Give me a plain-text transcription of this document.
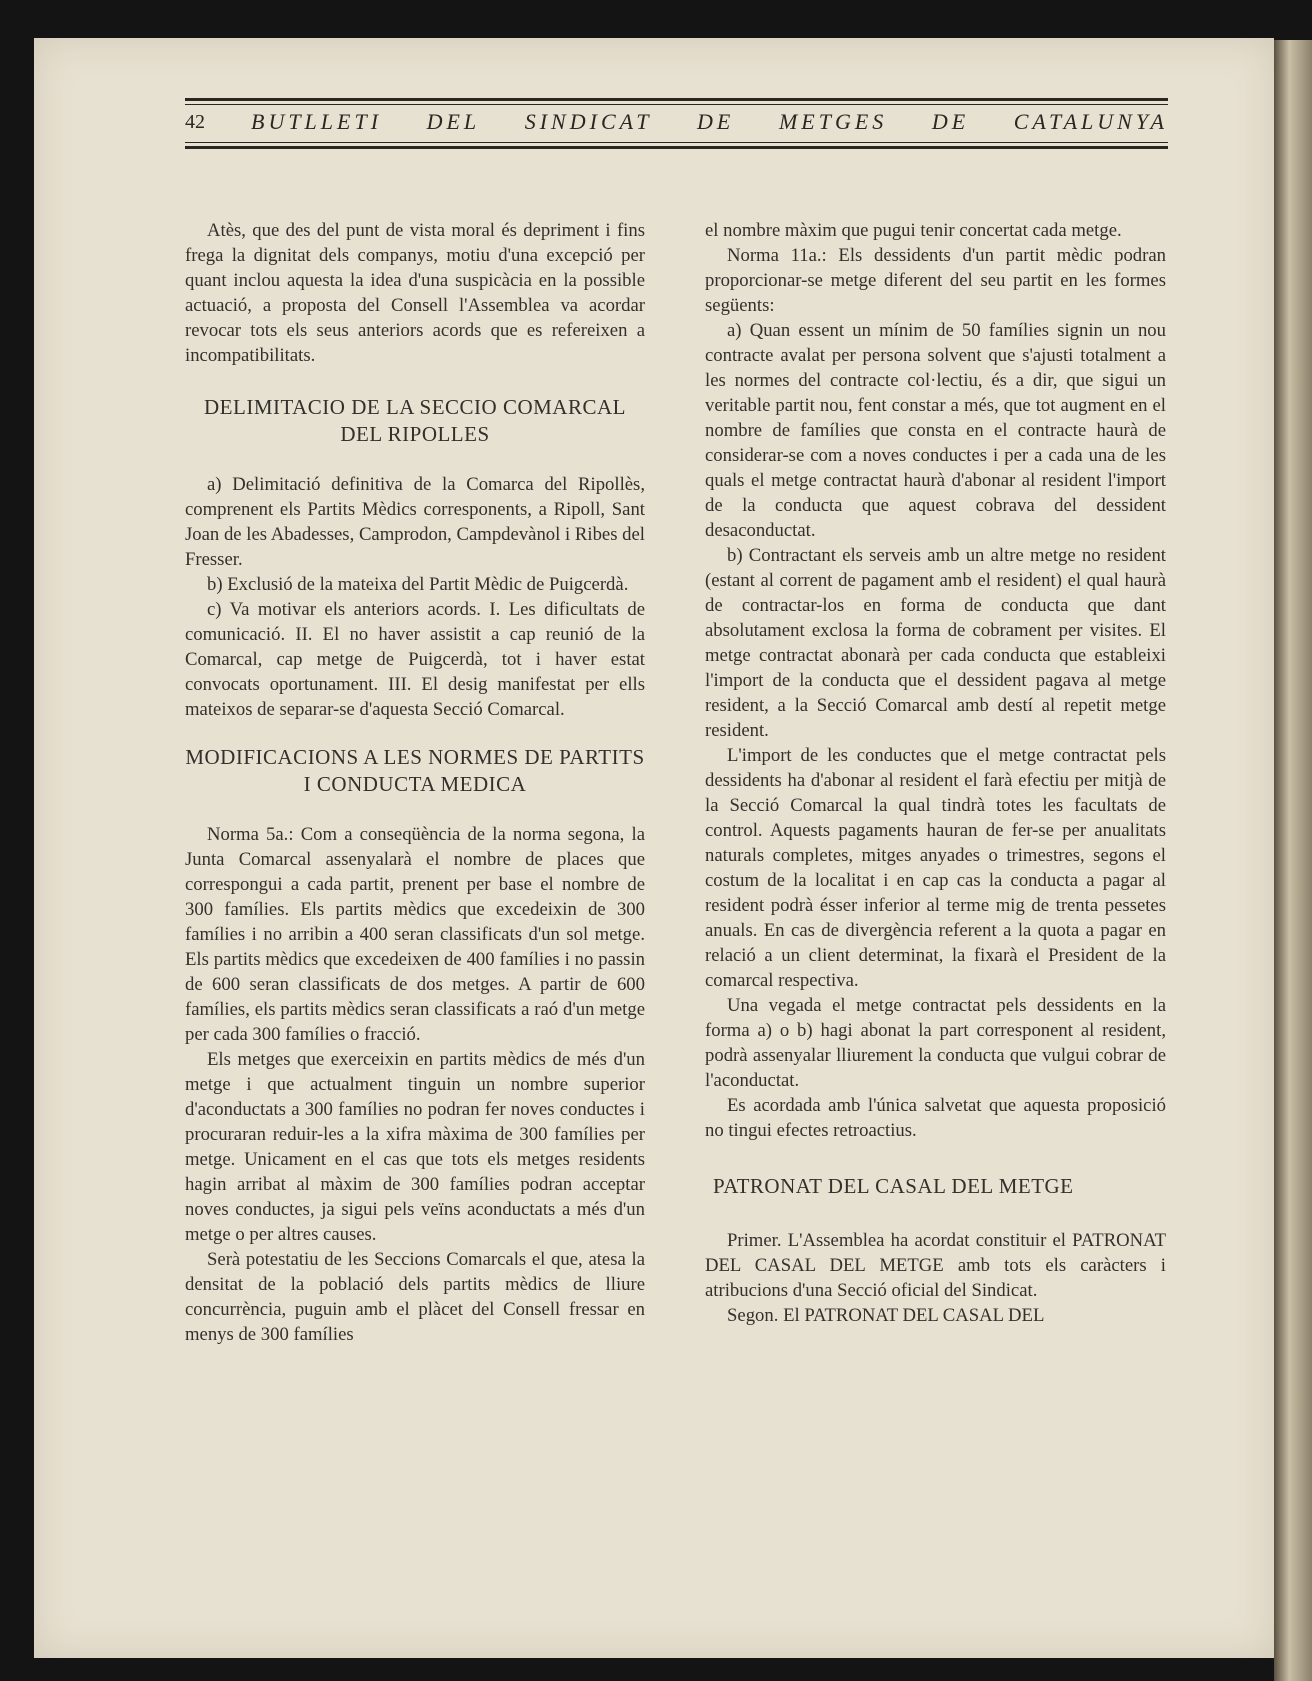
42	BUTLLETI DEL SINDICAT DE METGES DE CATALUNYA

Atès, que des del punt de vista moral és depriment i fins frega la dignitat dels companys, motiu d'una excepció per quant inclou aquesta la idea d'una suspicàcia en la possible actuació, a proposta del Consell l'Assemblea va acordar revocar tots els seus anteriors acords que es refereixen a incompatibilitats.

DELIMITACIO DE LA SECCIO COMARCAL DEL RIPOLLES

a) Delimitació definitiva de la Comarca del Ripollès, comprenent els Partits Mèdics corresponents, a Ripoll, Sant Joan de les Abadesses, Camprodon, Campdevànol i Ribes del Fresser.

b) Exclusió de la mateixa del Partit Mèdic de Puigcerdà.

c) Va motivar els anteriors acords. I. Les dificultats de comunicació. II. El no haver assistit a cap reunió de la Comarcal, cap metge de Puigcerdà, tot i haver estat convocats oportunament. III. El desig manifestat per ells mateixos de separar-se d'aquesta Secció Comarcal.

MODIFICACIONS A LES NORMES DE PARTITS I CONDUCTA MEDICA

Norma 5a.: Com a conseqüència de la norma segona, la Junta Comarcal assenyalarà el nombre de places que correspongui a cada partit, prenent per base el nombre de 300 famílies. Els partits mèdics que excedeixin de 300 famílies i no arribin a 400 seran classificats d'un sol metge. Els partits mèdics que excedeixen de 400 famílies i no passin de 600 seran classificats de dos metges. A partir de 600 famílies, els partits mèdics seran classificats a raó d'un metge per cada 300 famílies o fracció.

Els metges que exerceixin en partits mèdics de més d'un metge i que actualment tinguin un nombre superior d'aconductats a 300 famílies no podran fer noves conductes i procuraran reduir-les a la xifra màxima de 300 famílies per metge. Unicament en el cas que tots els metges residents hagin arribat al màxim de 300 famílies podran acceptar noves conductes, ja sigui pels veïns aconductats a més d'un metge o per altres causes.

Serà potestatiu de les Seccions Comarcals el que, atesa la densitat de la població dels partits mèdics de lliure concurrència, puguin amb el plàcet del Consell fressar en menys de 300 famílies

el nombre màxim que pugui tenir concertat cada metge.

Norma 11a.: Els dessidents d'un partit mèdic podran proporcionar-se metge diferent del seu partit en les formes següents:

a) Quan essent un mínim de 50 famílies signin un nou contracte avalat per persona solvent que s'ajusti totalment a les normes del contracte col·lectiu, és a dir, que sigui un veritable partit nou, fent constar a més, que tot augment en el nombre de famílies que consta en el contracte haurà de considerar-se com a noves conductes i per a cada una de les quals el metge contractat haurà d'abonar al resident l'import de la conducta que aquest cobrava del dessident desaconductat.

b) Contractant els serveis amb un altre metge no resident (estant al corrent de pagament amb el resident) el qual haurà de contractar-los en forma de conducta que dant absolutament exclosa la forma de cobrament per visites. El metge contractat abonarà per cada conducta que estableixi l'import de la conducta que el dessident pagava al metge resident, a la Secció Comarcal amb destí al repetit metge resident.

L'import de les conductes que el metge contractat pels dessidents ha d'abonar al resident el farà efectiu per mitjà de la Secció Comarcal la qual tindrà totes les facultats de control. Aquests pagaments hauran de fer-se per anualitats naturals completes, mitges anyades o trimestres, segons el costum de la localitat i en cap cas la conducta a pagar al resident podrà ésser inferior al terme mig de trenta pessetes anuals. En cas de divergència referent a la quota a pagar en relació a un client determinat, la fixarà el President de la comarcal respectiva.

Una vegada el metge contractat pels dessidents en la forma a) o b) hagi abonat la part corresponent al resident, podrà assenyalar lliurement la conducta que vulgui cobrar de l'aconductat.

Es acordada amb l'única salvetat que aquesta proposició no tingui efectes retroactius.

PATRONAT DEL CASAL DEL METGE

Primer. L'Assemblea ha acordat constituir el PATRONAT DEL CASAL DEL METGE amb tots els caràcters i atribucions d'una Secció oficial del Sindicat.

Segon. El PATRONAT DEL CASAL DEL
